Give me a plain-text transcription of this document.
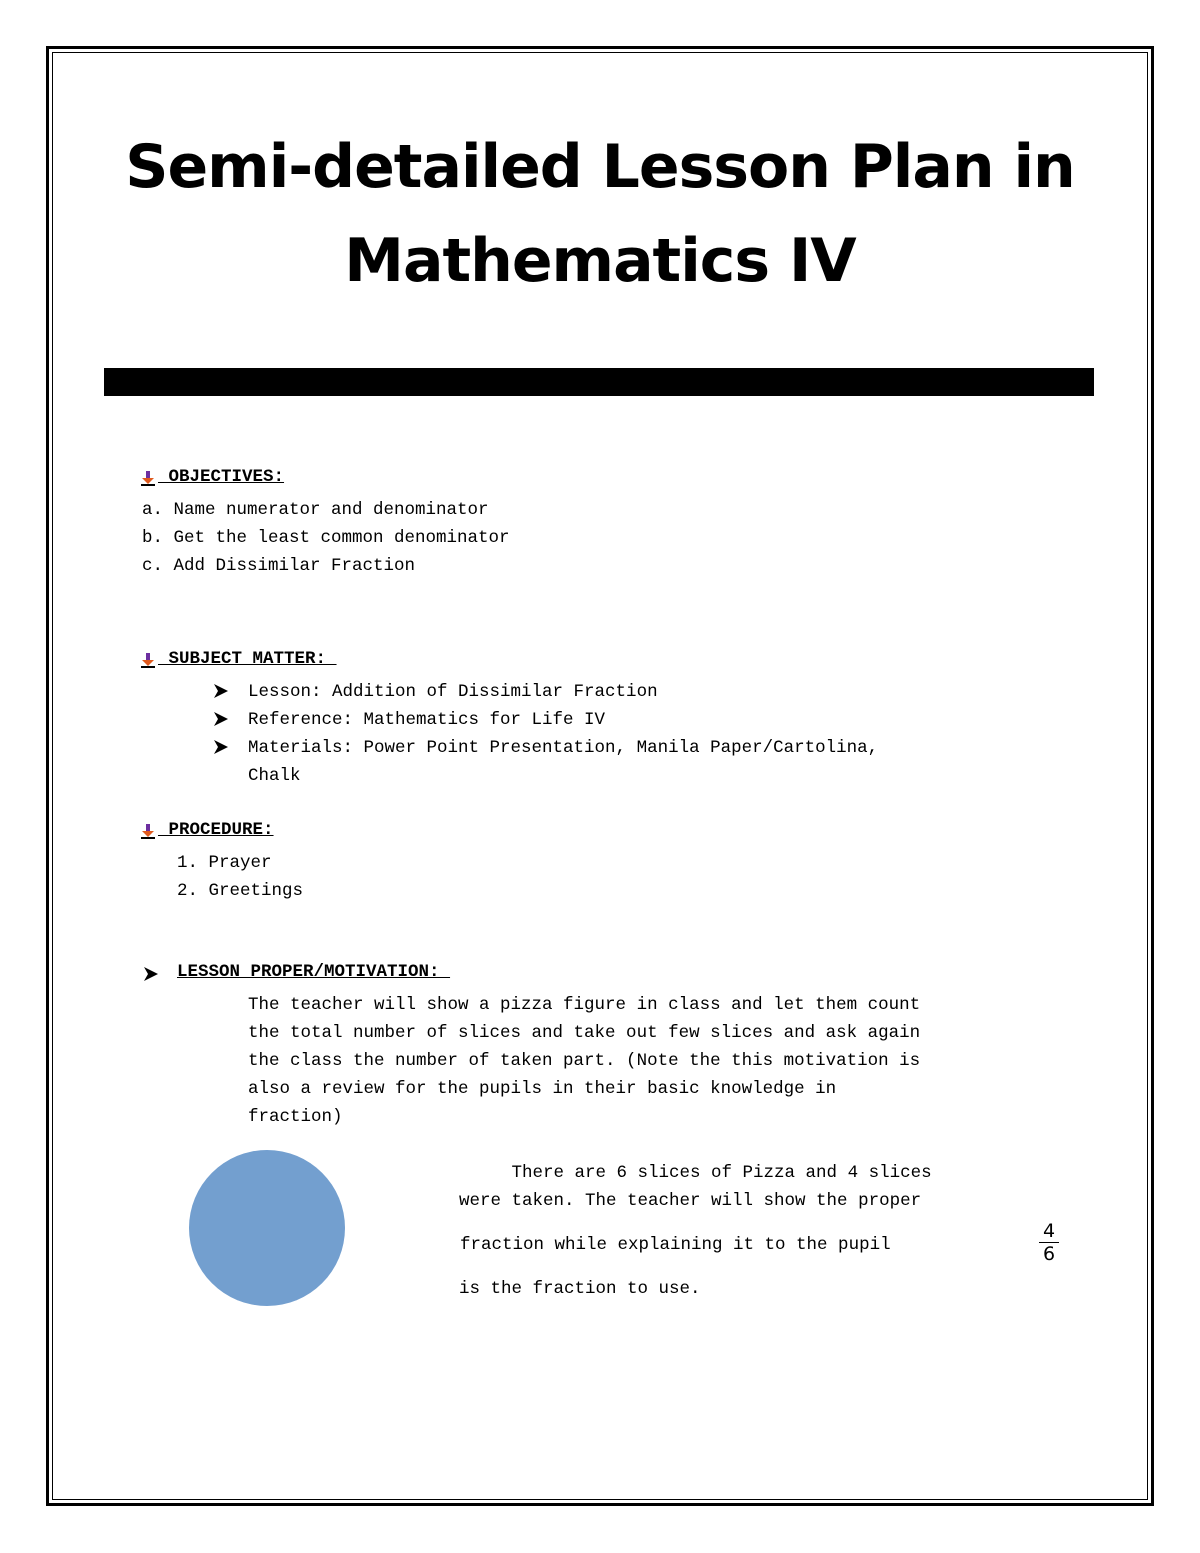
Semi-detailed Lesson Plan in
Mathematics IV
OBJECTIVES:
a. Name numerator and denominator
b. Get the least common denominator
c. Add Dissimilar Fraction
SUBJECT MATTER:
Lesson: Addition of Dissimilar Fraction
Reference: Mathematics for Life IV
Materials: Power Point Presentation, Manila Paper/Cartolina,
Chalk
PROCEDURE:
1. Prayer
2. Greetings
LESSON PROPER/MOTIVATION:
The teacher will show a pizza figure in class and let them count
the total number of slices and take out few slices and ask again
the class the number of taken part. (Note the this motivation is
also a review for the pupils in their basic knowledge in
fraction)
There are 6 slices of Pizza and 4 slices
were taken. The teacher will show the proper
fraction while explaining it to the pupil
is the fraction to use.
4
6
